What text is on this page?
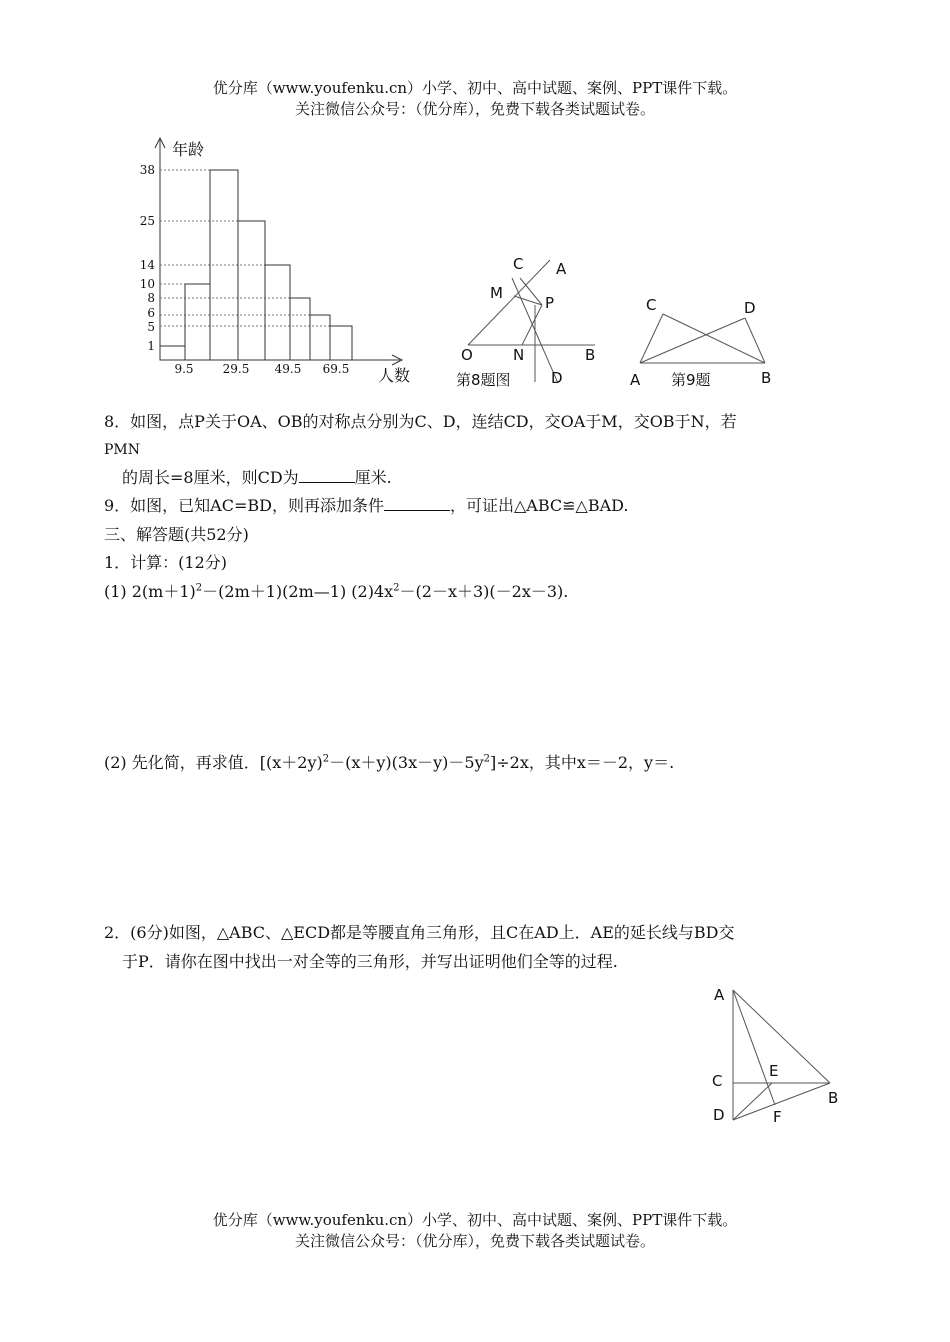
优分库（www.youfenku.cn）小学、初中、高中试题、案例、PPT课件下载。
关注微信公众号：（优分库），免费下载各类试题试卷。
年龄
人数
38
25
14
10
8
6
5
1
9.5 29.5 49.5 69.5
C A
M
P
O	N	B
D
第8题图
C	D
A	B
第9题
8．如图，点P关于OA、OB的对称点分别为C、D，连结CD，交OA于M，交OB于N，若
PMN
的周长=8厘米，则CD为	厘米.
9．如图，已知AC=BD，则再添加条件	，可证出△ABC≌△BAD.
三、解答题(共52分)
1．计算：(12分)
(1) $2(m+1)^2-(2m+1)(2m—1)$ $(2)4x^2-(2-x+3)(-2x-3)$.
(2) 先化简，再求值．$[(x+2y)^2-(x+y)(3x-y)-5y^2]\div 2x$，其中x＝－2，y＝.
2．(6分)如图，△ABC、△ECD都是等腰直角三角形，且C在AD上．AE的延长线与BD交
于P．请你在图中找出一对全等的三角形，并写出证明他们全等的过程.
A
C
E
B
D	F
优分库（www.youfenku.cn）小学、初中、高中试题、案例、PPT课件下载。
关注微信公众号：（优分库），免费下载各类试题试卷。
